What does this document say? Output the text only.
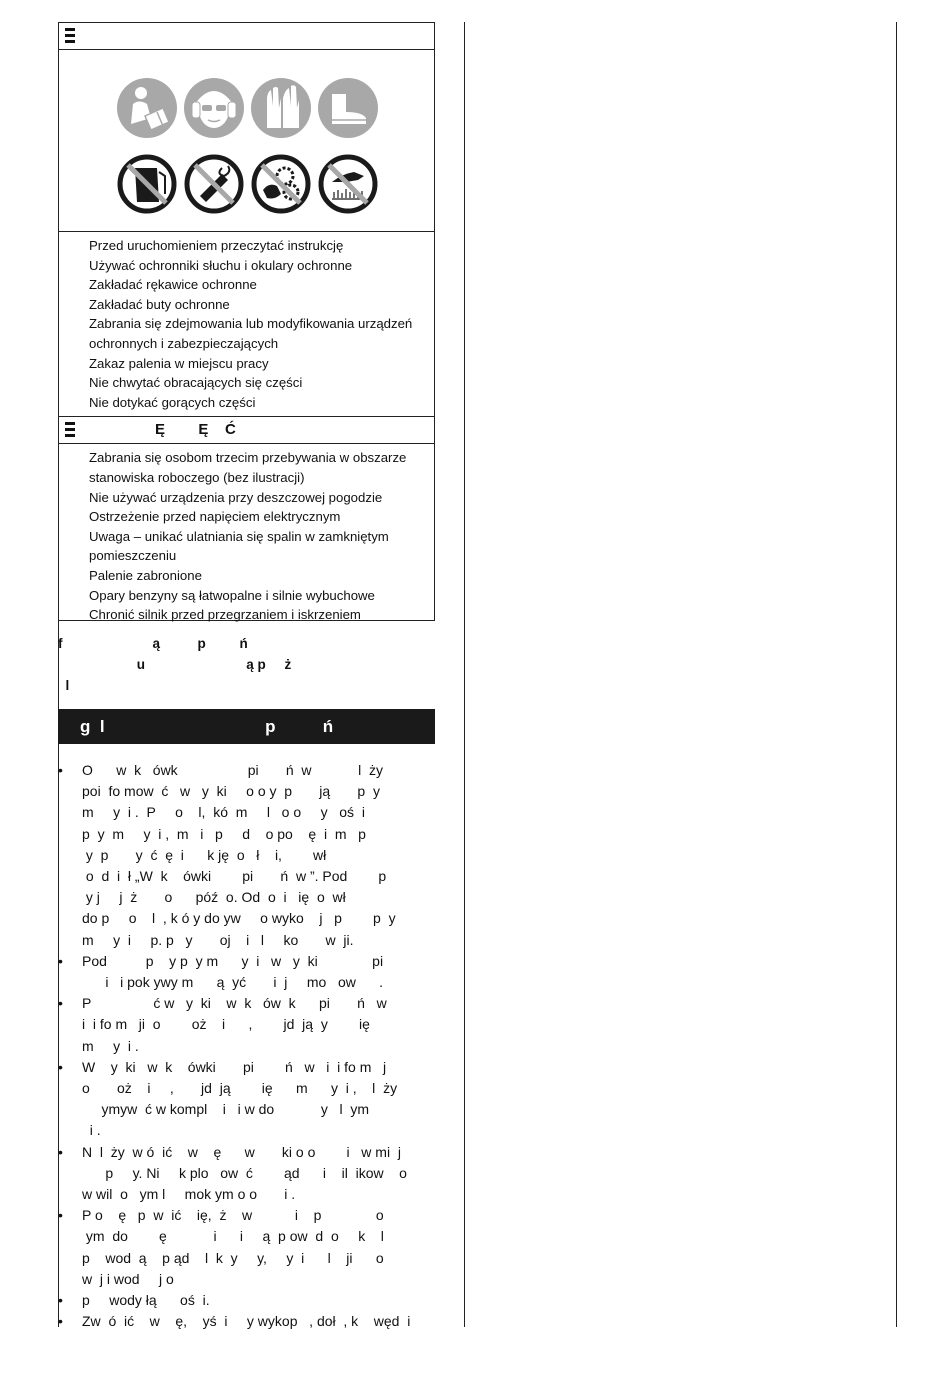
Przed uruchomieniem przeczytać instrukcję
Używać ochronniki słuchu i okulary ochronne
Zakładać rękawice ochronne
Zakładać buty ochronne
Zabrania się zdejmowania lub modyfikowania urządzeń
ochronnych i zabezpieczających
Zakaz palenia w miejscu pracy
Nie chwytać obracających się części
Nie dotykać gorących części
Ę        Ę    Ć
Zabrania się osobom trzecim przebywania w obszarze
stanowiska roboczego (bez ilustracji)
Nie używać urządzenia przy deszczowej pogodzie
Ostrzeżenie przed napięciem elektrycznym
Uwaga – unikać ulatniania się spalin w zamkniętym
pomieszczeniu
Palenie zabronione
Opary benzyny są łatwopalne i silnie wybuchowe
Chronić silnik przed przegrzaniem i iskrzeniem
f                        ą          p         ń
u                           ą p     ż
l
g  l                                  p          ń
• O      w  k   ówk                  pi       ń  w            l  ży
poi  fo mow  ć   w   y  ki     o o y  p       ją       p  y
m     y  i .  P     o    l,  kó  m     l   o o     y   oś  i
p  y  m     y  i ,  m   i   p     d    o po    ę  i  m   p
y  p       y  ć  ę  i      k ję  o   ł    i,        wł
o  d  i  ł „W  k    ówki        pi       ń  w ”. Pod        p
y j     j  ż       o      póź  o. Od  o  i   ię  o  wł
do p     o    l  , k ó y do yw     o wyko    j   p        p  y
m     y  i     p. p   y       oj    i   l     ko       w  ji.
• Pod          p    y p  y m      y  i   w   y  ki              pi
i   i pok ywy m      ą  yć       i  j     mo   ow      .
• P                ć w   y  ki    w  k   ów  k      pi       ń   w
i  i fo m   ji  o        oż    i      ,        jd  ją  y        ię
m     y  i .
• W    y  ki   w  k    ówki       pi        ń   w   i  i fo m   j
o       oż    i     ,       jd  ją        ię      m      y  i ,    l  ży
ymyw  ć w kompl    i   i w do            y   l  ym
i .
• N  l  ży  w ó  ić    w    ę      w       ki o o        i   w mi  j
p     y. Ni     k plo   ow  ć        ąd      i    il  ikow    o
w wil  o   ym l     mok ym o o       i .
• P o    ę   p  w  ić    ię,  ż    w           i    p              o
ym  do        ę            i      i     ą  p ow  d  o     k    l
p    wod  ą    p ąd    l  k  y     y,     y  i      l    ji      o
w  j i wod     j o
• p     wody łą      oś  i.
• Zw  ó  ić    w    ę,    yś  i     y wykop   , doł  , k    węd  i
